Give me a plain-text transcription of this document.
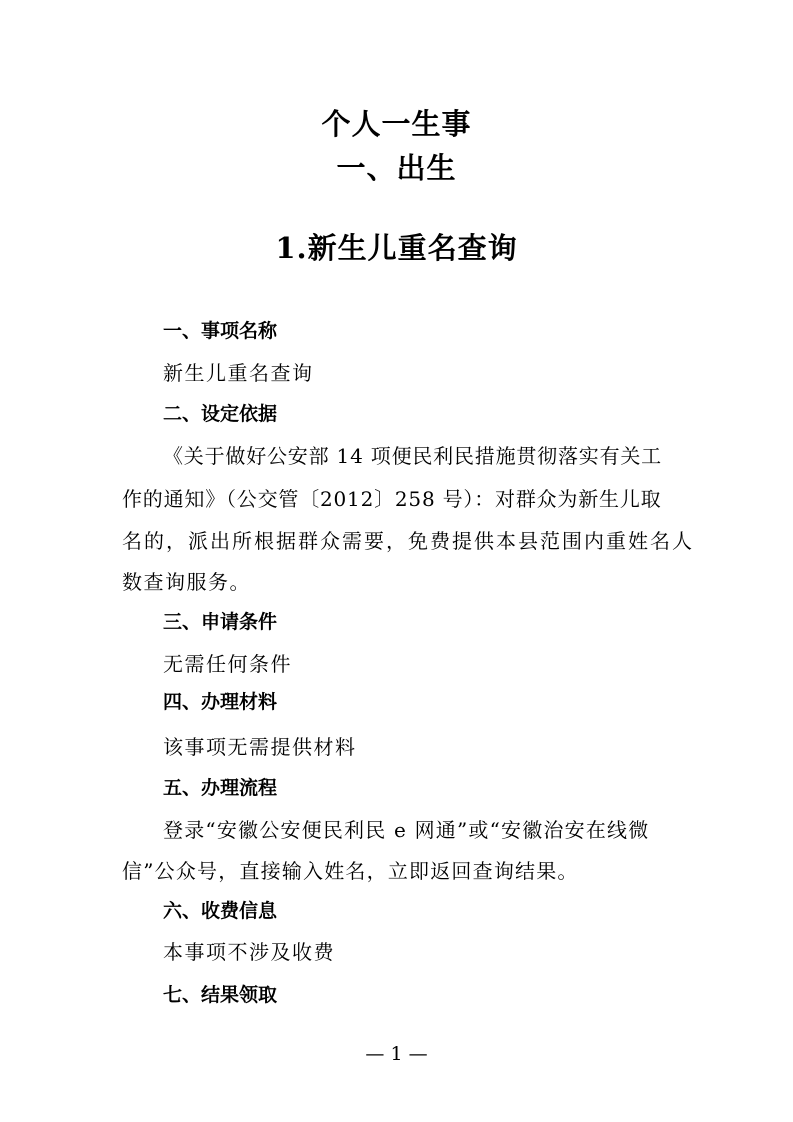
个人一生事
一、出生
1.新生儿重名查询
一、事项名称
新生儿重名查询
二、设定依据
《关于做好公安部 14 项便民利民措施贯彻落实有关工
作的通知》（公交管〔2012〕258 号）：对群众为新生儿取
名的，派出所根据群众需要，免费提供本县范围内重姓名人
数查询服务。
三、申请条件
无需任何条件
四、办理材料
该事项无需提供材料
五、办理流程
登录“安徽公安便民利民 e 网通”或“安徽治安在线微
信”公众号，直接输入姓名，立即返回查询结果。
六、收费信息
本事项不涉及收费
七、结果领取
— 1 —
